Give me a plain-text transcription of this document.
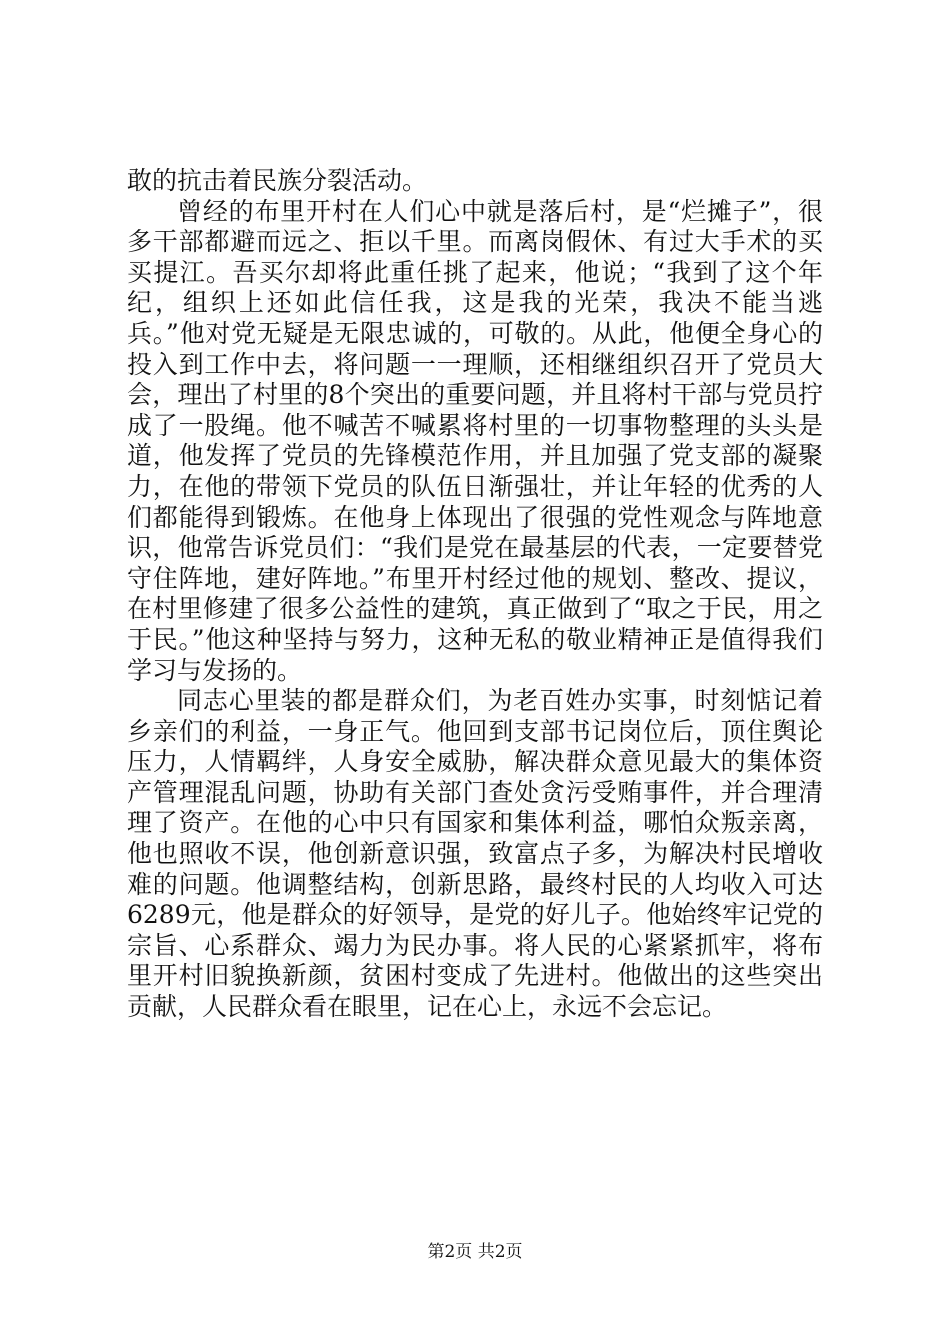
敢的抗击着民族分裂活动。

曾经的布里开村在人们心中就是落后村，是“烂摊子”，很多干部都避而远之、拒以千里。而离岗假休、有过大手术的买买提江。吾买尔却将此重任挑了起来，他说；“我到了这个年纪，组织上还如此信任我，这是我的光荣，我决不能当逃兵。”他对党无疑是无限忠诚的，可敬的。从此，他便全身心的投入到工作中去，将问题一一理顺，还相继组织召开了党员大会，理出了村里的8个突出的重要问题，并且将村干部与党员拧成了一股绳。他不喊苦不喊累将村里的一切事物整理的头头是道，他发挥了党员的先锋模范作用，并且加强了党支部的凝聚力，在他的带领下党员的队伍日渐强壮，并让年轻的优秀的人们都能得到锻炼。在他身上体现出了很强的党性观念与阵地意识，他常告诉党员们：“我们是党在最基层的代表，一定要替党守住阵地，建好阵地。”布里开村经过他的规划、整改、提议，在村里修建了很多公益性的建筑，真正做到了“取之于民，用之于民。”他这种坚持与努力，这种无私的敬业精神正是值得我们学习与发扬的。

同志心里装的都是群众们，为老百姓办实事，时刻惦记着乡亲们的利益，一身正气。他回到支部书记岗位后，顶住舆论压力，人情羁绊，人身安全威胁，解决群众意见最大的集体资产管理混乱问题，协助有关部门查处贪污受贿事件，并合理清理了资产。在他的心中只有国家和集体利益，哪怕众叛亲离，他也照收不误，他创新意识强，致富点子多，为解决村民增收难的问题。他调整结构，创新思路，最终村民的人均收入可达6289元，他是群众的好领导，是党的好儿子。他始终牢记党的宗旨、心系群众、竭力为民办事。将人民的心紧紧抓牢，将布里开村旧貌换新颜，贫困村变成了先进村。他做出的这些突出贡献，人民群众看在眼里，记在心上，永远不会忘记。

第2页 共2页
